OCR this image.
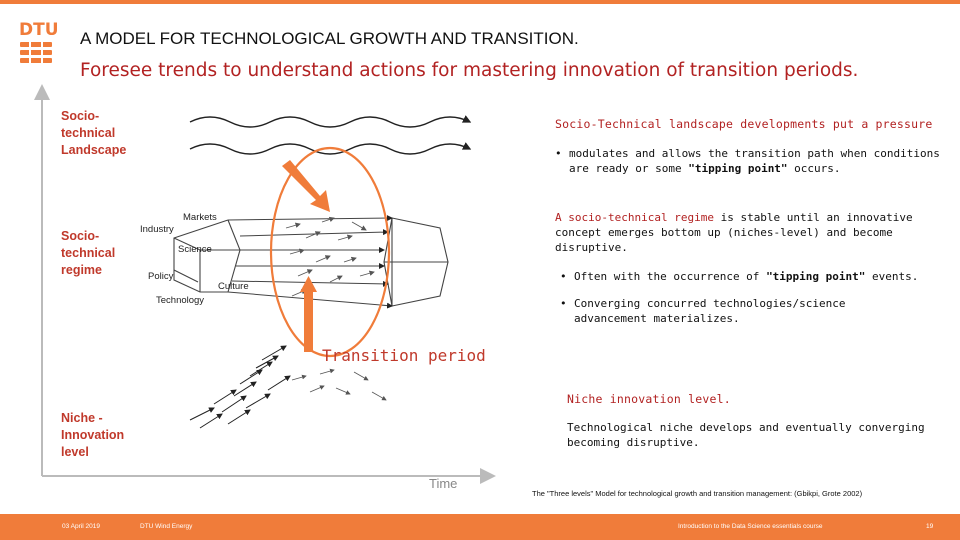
DTU A MODEL FOR TECHNOLOGICAL GROWTH AND TRANSITION.
Foresee trends to understand actions for mastering innovation of transition periods.
Time
Markets
Industry
Science
Policy
Culture
Technology
Socio-
technical
Landscape
Socio-
technical
regime
Niche -
Innovation
level
Transition period
Socio-Technical landscape developments put a pressure
• modulates and allows the transition path when conditions
are ready or some "tipping point" occurs.
A socio-technical regime is stable until an innovative
concept emerges bottom up (niches-level) and become
disruptive.
• Often with the occurrence of "tipping point" events.
• Converging concurred technologies/science
advancement materializes.
Niche innovation level.
Technological niche develops and eventually converging
becoming disruptive.
The "Three levels" Model for technological growth and transition management: (Gbikpi, Grote 2002)
03 April 2019	DTU Wind Energy	Introduction to the Data Science essentials course	19
